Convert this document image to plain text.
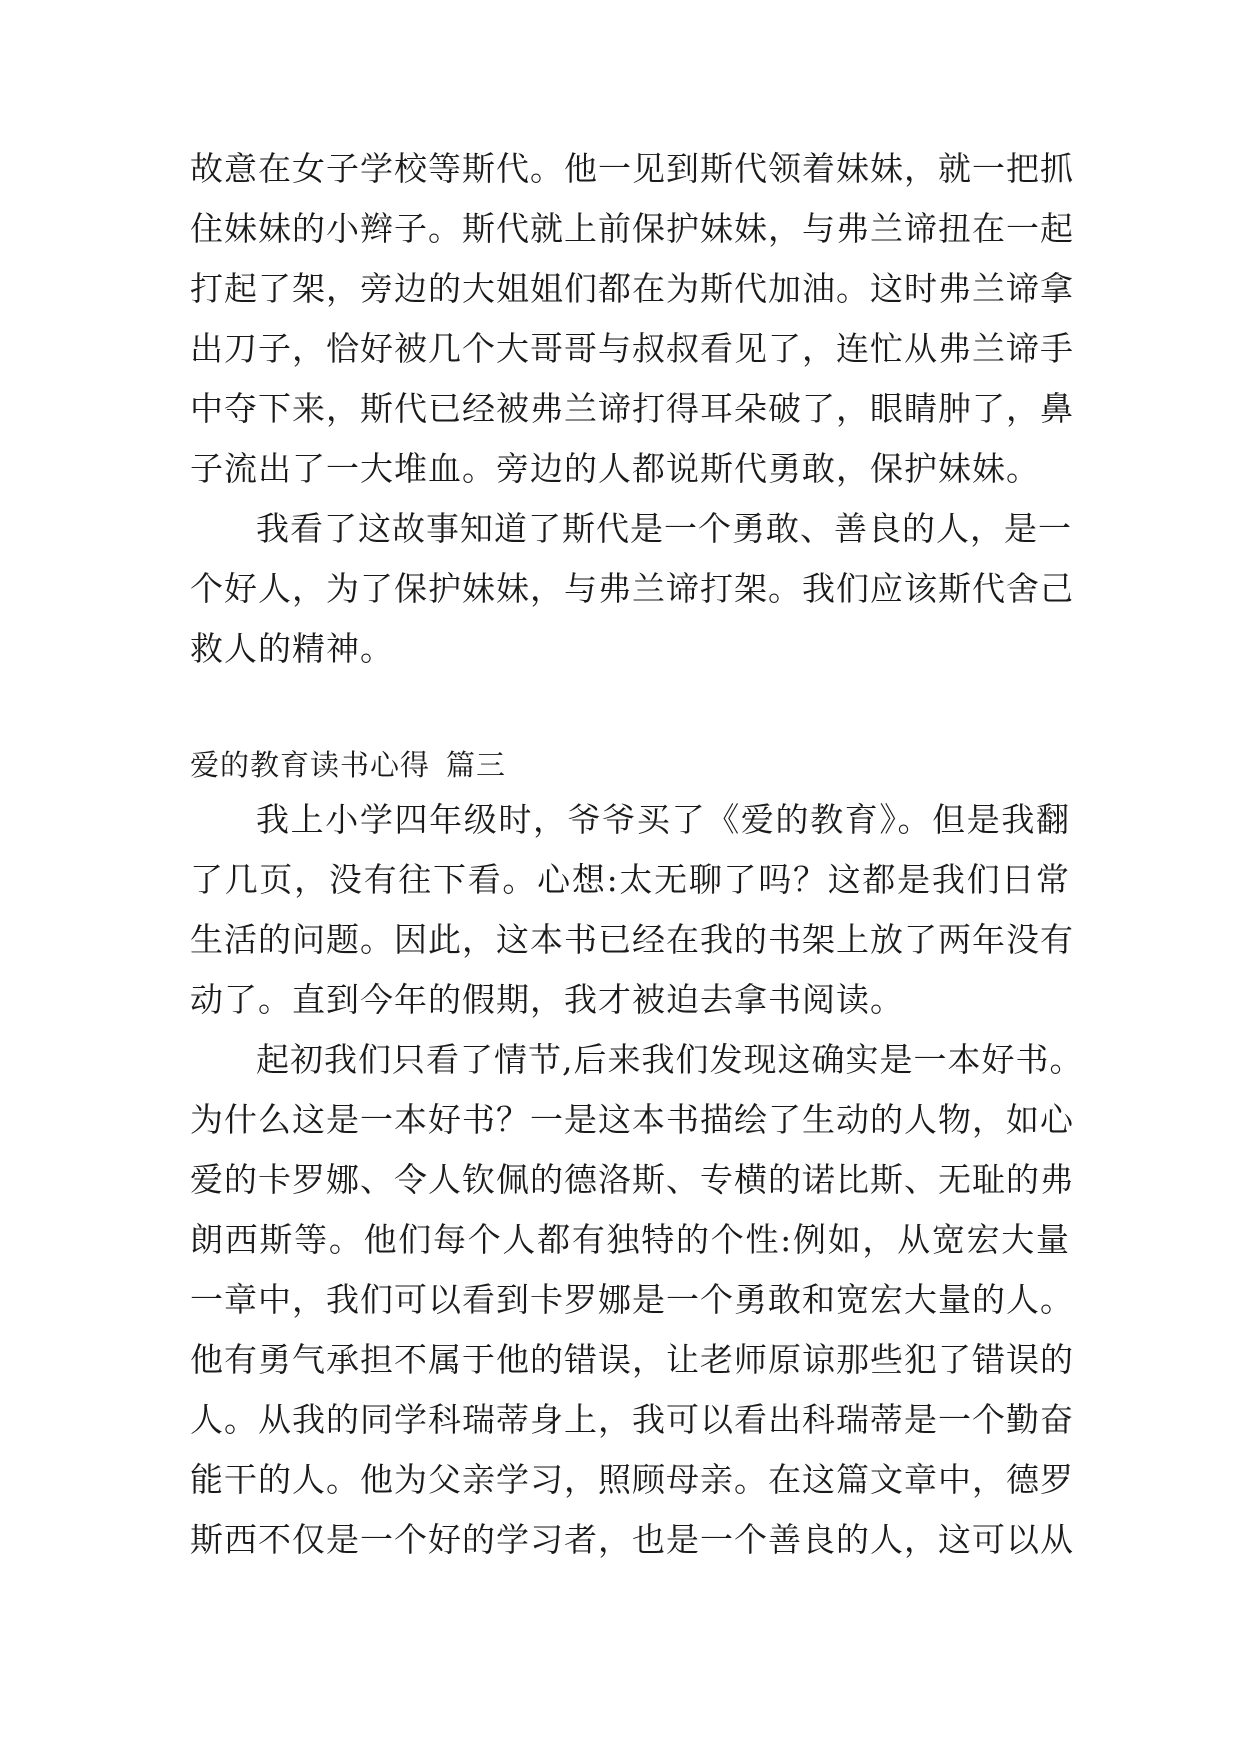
故意在女子学校等斯代。他一见到斯代领着妹妹，就一把抓
住妹妹的小辫子。斯代就上前保护妹妹，与弗兰谛扭在一起
打起了架，旁边的大姐姐们都在为斯代加油。这时弗兰谛拿
出刀子，恰好被几个大哥哥与叔叔看见了，连忙从弗兰谛手
中夺下来，斯代已经被弗兰谛打得耳朵破了，眼睛肿了，鼻
子流出了一大堆血。旁边的人都说斯代勇敢，保护妹妹。
我看了这故事知道了斯代是一个勇敢、善良的人，是一
个好人，为了保护妹妹，与弗兰谛打架。我们应该斯代舍己
救人的精神。
爱的教育读书心得 篇三
我上小学四年级时，爷爷买了《爱的教育》。但是我翻
了几页，没有往下看。心想:太无聊了吗？这都是我们日常
生活的问题。因此，这本书已经在我的书架上放了两年没有
动了。直到今年的假期，我才被迫去拿书阅读。
起初我们只看了情节,后来我们发现这确实是一本好书。
为什么这是一本好书？一是这本书描绘了生动的人物，如心
爱的卡罗娜、令人钦佩的德洛斯、专横的诺比斯、无耻的弗
朗西斯等。他们每个人都有独特的个性:例如，从宽宏大量
一章中，我们可以看到卡罗娜是一个勇敢和宽宏大量的人。
他有勇气承担不属于他的错误，让老师原谅那些犯了错误的
人。从我的同学科瑞蒂身上，我可以看出科瑞蒂是一个勤奋
能干的人。他为父亲学习，照顾母亲。在这篇文章中，德罗
斯西不仅是一个好的学习者，也是一个善良的人，这可以从
